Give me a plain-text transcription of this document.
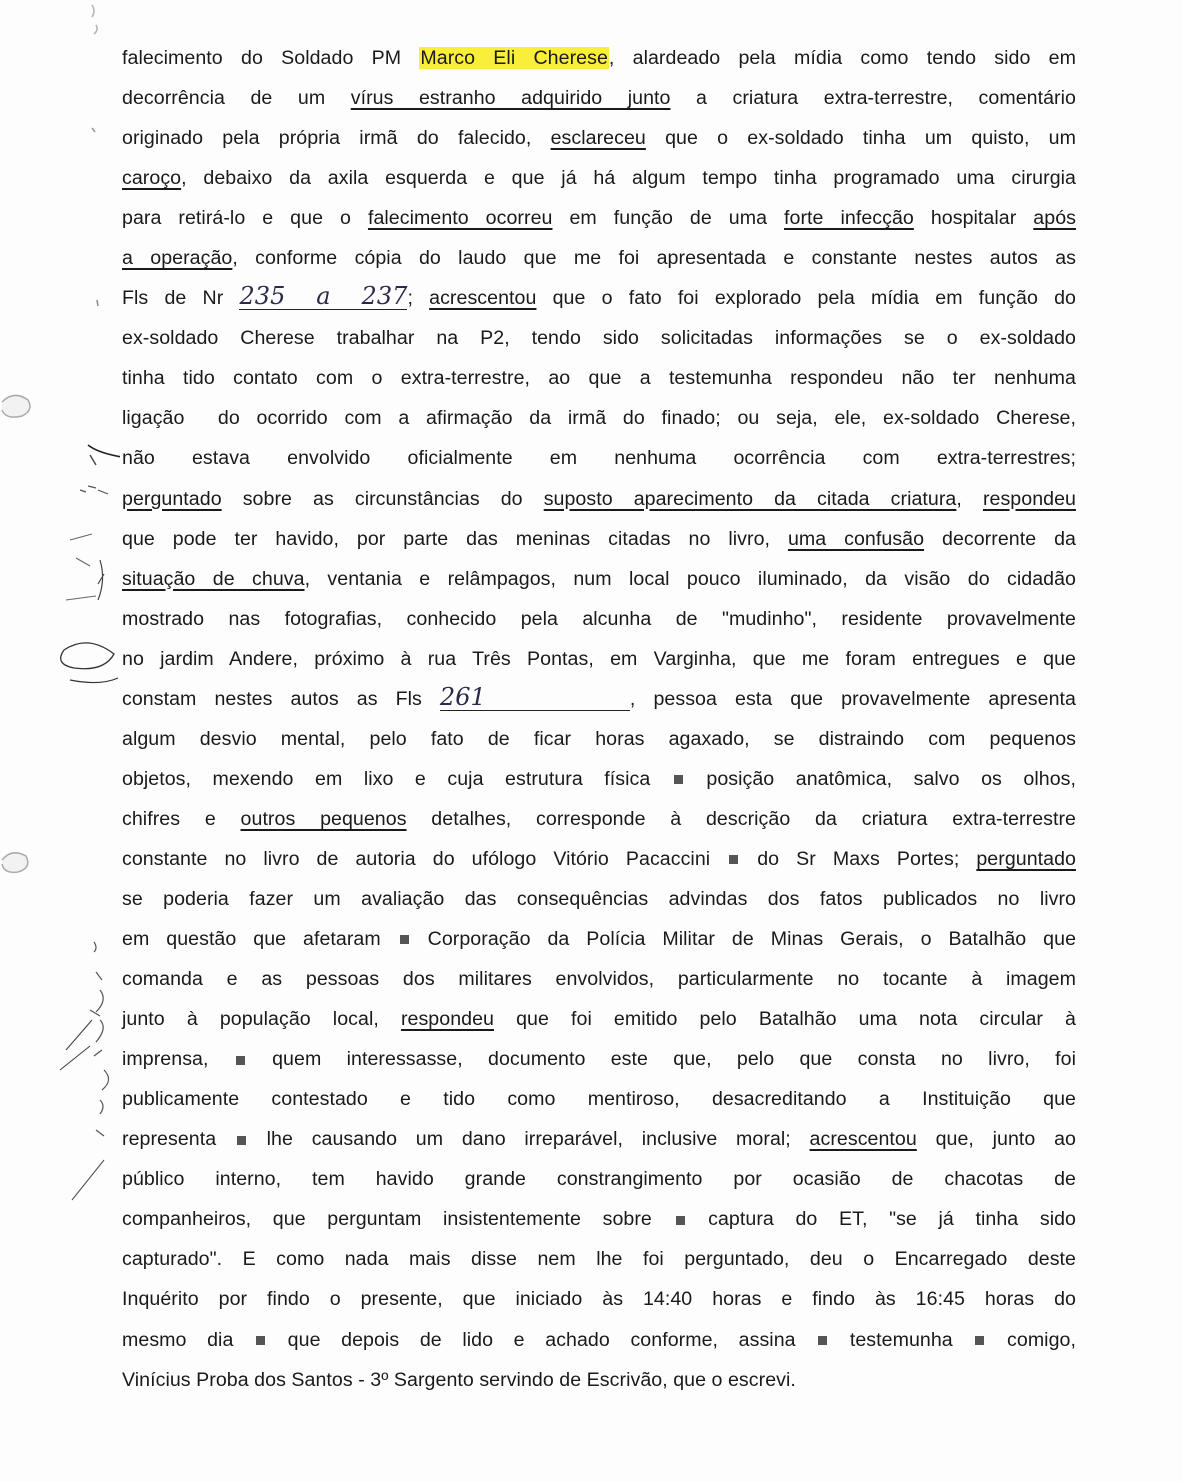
falecimento do Soldado PM Marco Eli Cherese, alardeado pela mídia como tendo sido em
decorrência de um vírus estranho adquirido junto a criatura extra-terrestre, comentário
originado pela própria irmã do falecido, esclareceu que o ex-soldado tinha um quisto, um
caroço, debaixo da axila esquerda e que já há algum tempo tinha programado uma cirurgia
para retirá-lo e que o falecimento ocorreu em função de uma forte infecção hospitalar após
a operação, conforme cópia do laudo que me foi apresentada e constante nestes autos as
Fls de Nr 235 a 237; acrescentou que o fato foi explorado pela mídia em função do
ex-soldado Cherese trabalhar na P2, tendo sido solicitadas informações se o ex-soldado
tinha tido contato com o extra-terrestre, ao que a testemunha respondeu não ter nenhuma
ligação  do ocorrido com a afirmação da irmã do finado; ou seja, ele, ex-soldado Cherese,
não estava envolvido oficialmente em nenhuma ocorrência com extra-terrestres;
perguntado sobre as circunstâncias do suposto aparecimento da citada criatura, respondeu
que pode ter havido, por parte das meninas citadas no livro, uma confusão decorrente da
situação de chuva, ventania e relâmpagos, num local pouco iluminado, da visão do cidadão
mostrado nas fotografias, conhecido pela alcunha de "mudinho", residente provavelmente
no jardim Andere, próximo à rua Três Pontas, em Varginha, que me foram entregues e que
constam nestes autos as Fls 261	, pessoa esta que provavelmente apresenta
algum desvio mental, pelo fato de ficar horas agaxado, se distraindo com pequenos
objetos, mexendo em lixo e cuja estrutura física  posição anatômica, salvo os olhos,
chifres e outros pequenos detalhes, corresponde à descrição da criatura extra-terrestre
constante no livro de autoria do ufólogo Vitório Pacaccini  do Sr Maxs Portes; perguntado
se poderia fazer um avaliação das consequências advindas dos fatos publicados no livro
em questão que afetaram  Corporação da Polícia Militar de Minas Gerais, o Batalhão que
comanda e as pessoas dos militares envolvidos, particularmente no tocante à imagem
junto à população local, respondeu que foi emitido pelo Batalhão uma nota circular à
imprensa,  quem interessasse, documento este que, pelo que consta no livro, foi
publicamente contestado e tido como mentiroso, desacreditando a Instituição que
representa  lhe causando um dano irreparável, inclusive moral; acrescentou que, junto ao
público interno, tem havido grande constrangimento por ocasião de chacotas de
companheiros, que perguntam insistentemente sobre  captura do ET, "se já tinha sido
capturado". E como nada mais disse nem lhe foi perguntado, deu o Encarregado deste
Inquérito por findo o presente, que iniciado às 14:40 horas e findo às 16:45 horas do
mesmo dia  que depois de lido e achado conforme, assina  testemunha  comigo,
Vinícius Proba dos Santos - 3º Sargento servindo de Escrivão, que o escrevi.
